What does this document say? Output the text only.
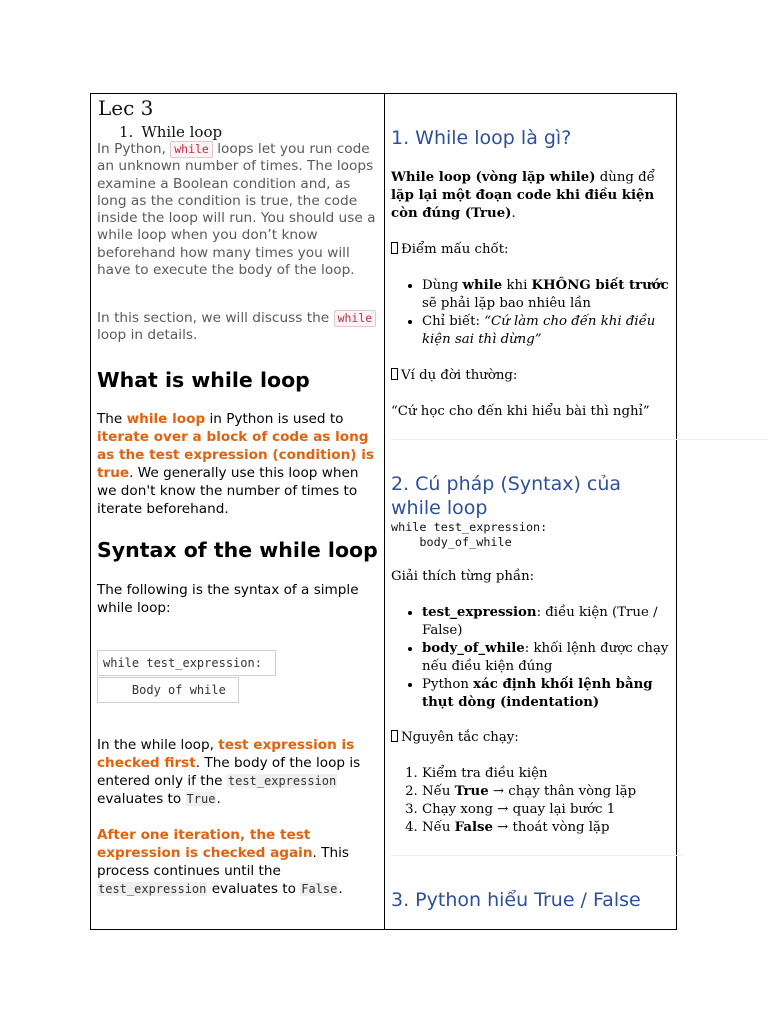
Lec 3
1. While loop
In Python, while loops let you run code an unknown number of times. The loops examine a Boolean condition and, as long as the condition is true, the code inside the loop will run. You should use a while loop when you don’t know beforehand how many times you will have to execute the body of the loop.
In this section, we will discuss the while loop in details.
What is while loop
The while loop in Python is used to iterate over a block of code as long as the test expression (condition) is true. We generally use this loop when we don't know the number of times to iterate beforehand.
Syntax of the while loop
The following is the syntax of a simple while loop:
while test_expression:
Body of while
In the while loop, test expression is checked first. The body of the loop is entered only if the test_expression evaluates to True.
After one iteration, the test expression is checked again. This process continues until the test_expression evaluates to False.
1. While loop là gì?
While loop (vòng lặp while) dùng để lặp lại một đoạn code khi điều kiện còn đúng (True).
Điểm mấu chốt:
• Dùng while khi KHÔNG biết trước sẽ phải lặp bao nhiêu lần
• Chỉ biết: “Cứ làm cho đến khi điều kiện sai thì dừng”
Ví dụ đời thường:
“Cứ học cho đến khi hiểu bài thì nghỉ”
2. Cú pháp (Syntax) của while loop
while test_expression:
body_of_while
Giải thích từng phần:
• test_expression: điều kiện (True / False)
• body_of_while: khối lệnh được chạy nếu điều kiện đúng
• Python xác định khối lệnh bằng thụt dòng (indentation)
Nguyên tắc chạy:
1. Kiểm tra điều kiện
2. Nếu True → chạy thân vòng lặp
3. Chạy xong → quay lại bước 1
4. Nếu False → thoát vòng lặp
3. Python hiểu True / False
